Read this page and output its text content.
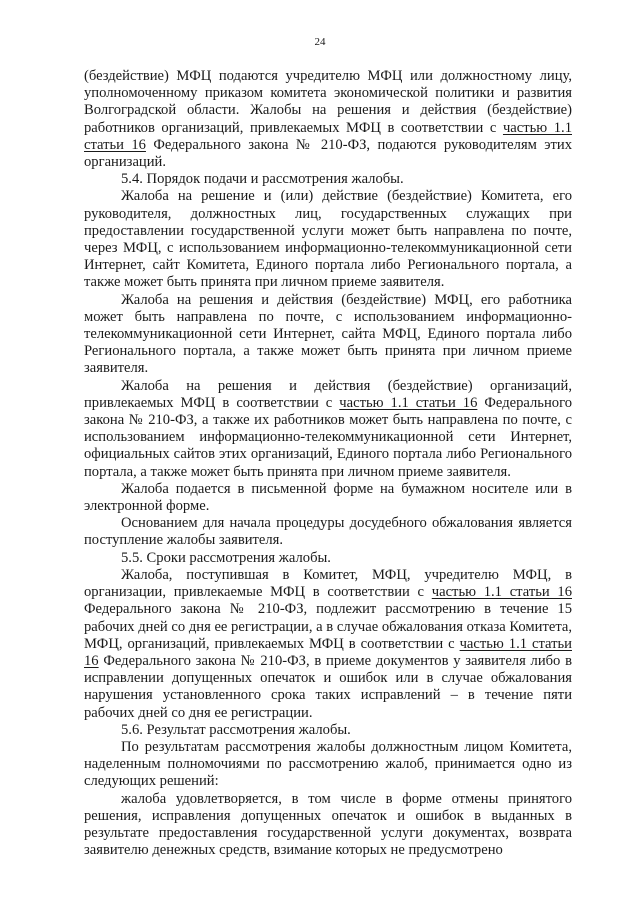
24

(бездействие) МФЦ подаются учредителю МФЦ или должностному лицу, уполномоченному приказом комитета экономической политики и развития Волгоградской области. Жалобы на решения и действия (бездействие) работников организаций, привлекаемых МФЦ в соответствии с частью 1.1 статьи 16 Федерального закона № 210-ФЗ, подаются руководителям этих организаций.

5.4. Порядок подачи и рассмотрения жалобы.

Жалоба на решение и (или) действие (бездействие) Комитета, его руководителя, должностных лиц, государственных служащих при предоставлении государственной услуги может быть направлена по почте, через МФЦ, с использованием информационно-телекоммуникационной сети Интернет, сайт Комитета, Единого портала либо Регионального портала, а также может быть принята при личном приеме заявителя.

Жалоба на решения и действия (бездействие) МФЦ, его работника может быть направлена по почте, с использованием информационно-телекоммуникационной сети Интернет, сайта МФЦ, Единого портала либо Регионального портала, а также может быть принята при личном приеме заявителя.

Жалоба на решения и действия (бездействие) организаций, привлекаемых МФЦ в соответствии с частью 1.1 статьи 16 Федерального закона № 210-ФЗ, а также их работников может быть направлена по почте, с использованием информационно-телекоммуникационной сети Интернет, официальных сайтов этих организаций, Единого портала либо Регионального портала, а также может быть принята при личном приеме заявителя.

Жалоба подается в письменной форме на бумажном носителе или в электронной форме.

Основанием для начала процедуры досудебного обжалования является поступление жалобы заявителя.

5.5. Сроки рассмотрения жалобы.

Жалоба, поступившая в Комитет, МФЦ, учредителю МФЦ, в организации, привлекаемые МФЦ в соответствии с частью 1.1 статьи 16 Федерального закона № 210-ФЗ, подлежит рассмотрению в течение 15 рабочих дней со дня ее регистрации, а в случае обжалования отказа Комитета, МФЦ, организаций, привлекаемых МФЦ в соответствии с частью 1.1 статьи 16 Федерального закона № 210-ФЗ, в приеме документов у заявителя либо в исправлении допущенных опечаток и ошибок или в случае обжалования нарушения установленного срока таких исправлений – в течение пяти рабочих дней со дня ее регистрации.

5.6. Результат рассмотрения жалобы.

По результатам рассмотрения жалобы должностным лицом Комитета, наделенным полномочиями по рассмотрению жалоб, принимается одно из следующих решений:

жалоба удовлетворяется, в том числе в форме отмены принятого решения, исправления допущенных опечаток и ошибок в выданных в результате предоставления государственной услуги документах, возврата заявителю денежных средств, взимание которых не предусмотрено
